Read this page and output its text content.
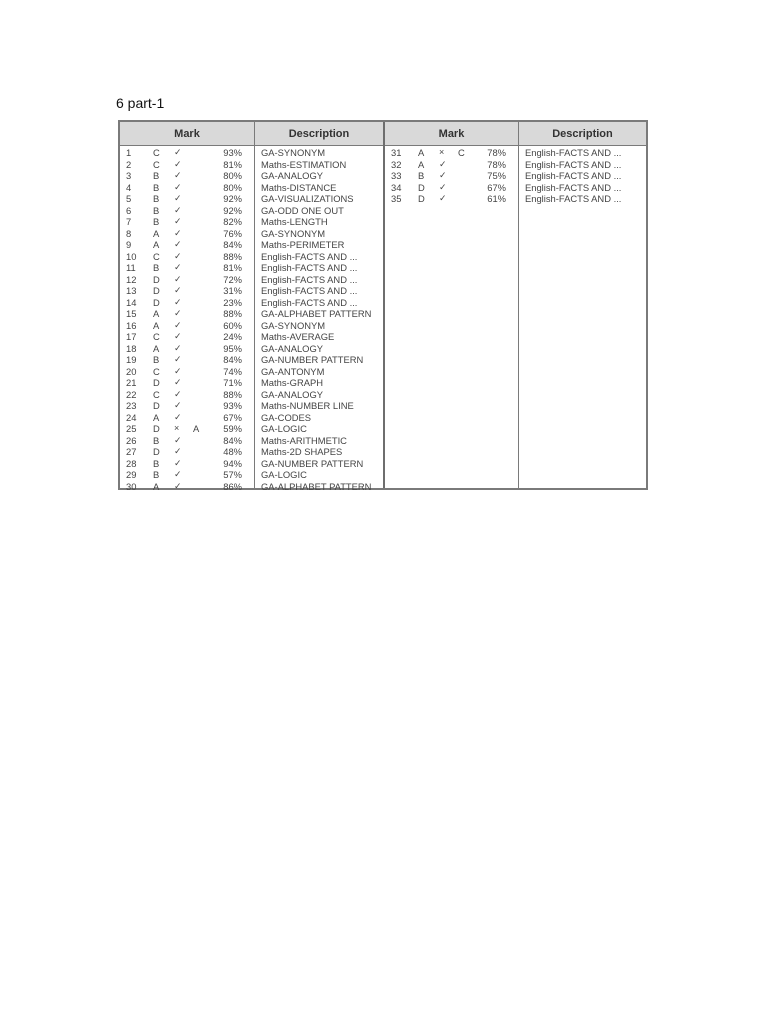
6 part-1
Mark	Description	Mark	Description
1 C ✓	93% GA-SYNONYM
2 C ✓	81% Maths-ESTIMATION
3 B ✓	80% GA-ANALOGY
4 B ✓	80% Maths-DISTANCE
5 B ✓	92% GA-VISUALIZATIONS
6 B ✓	92% GA-ODD ONE OUT
7 B ✓	82% Maths-LENGTH
8 A ✓	76% GA-SYNONYM
9 A ✓	84% Maths-PERIMETER
10 C ✓	88% English-FACTS AND ...
11 B ✓	81% English-FACTS AND ...
12 D ✓	72% English-FACTS AND ...
13 D ✓	31% English-FACTS AND ...
14 D ✓	23% English-FACTS AND ...
15 A ✓	88% GA-ALPHABET PATTERN
16 A ✓	60% GA-SYNONYM
17 C ✓	24% Maths-AVERAGE
18 A ✓	95% GA-ANALOGY
19 B ✓	84% GA-NUMBER PATTERN
20 C ✓	74% GA-ANTONYM
21 D ✓	71% Maths-GRAPH
22 C ✓	88% GA-ANALOGY
23 D ✓	93% Maths-NUMBER LINE
24 A ✓	67% GA-CODES
25 D × A	59% GA-LOGIC
26 B ✓	84% Maths-ARITHMETIC
27 D ✓	48% Maths-2D SHAPES
28 B ✓	94% GA-NUMBER PATTERN
29 B ✓	57% GA-LOGIC
30 A ✓	86% GA-ALPHABET PATTERN
31 A × C 78% English-FACTS AND ...
32 A ✓	78% English-FACTS AND ...
33 B ✓	75% English-FACTS AND ...
34 D ✓	67% English-FACTS AND ...
35 D ✓	61% English-FACTS AND ...
